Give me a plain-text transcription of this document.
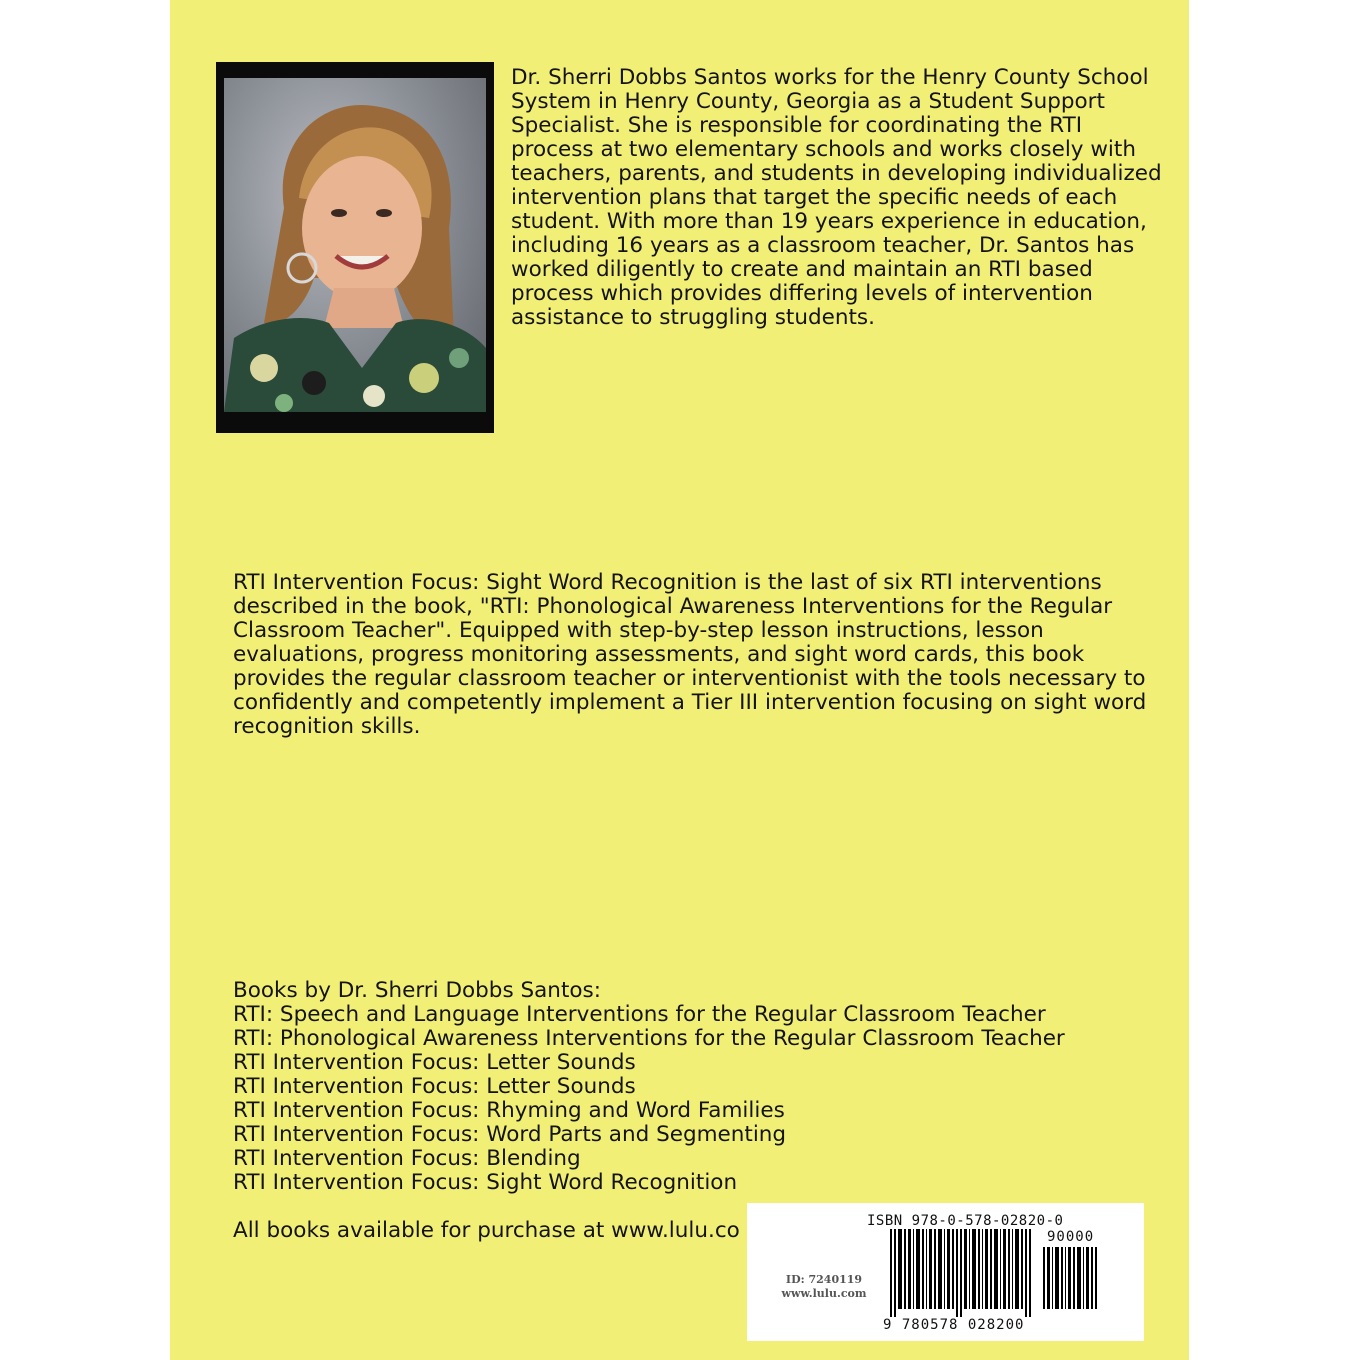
Dr. Sherri Dobbs Santos works for the Henry County School System in Henry County, Georgia as a Student Support Specialist. She is responsible for coordinating the RTI process at two elementary schools and works closely with teachers, parents, and students in developing individualized intervention plans that target the specific needs of each student. With more than 19 years experience in education, including 16 years as a classroom teacher, Dr. Santos has worked diligently to create and maintain an RTI based process which provides differing levels of intervention assistance to struggling students.

RTI Intervention Focus: Sight Word Recognition is the last of six RTI interventions described in the book, "RTI: Phonological Awareness Interventions for the Regular Classroom Teacher". Equipped with step-by-step lesson instructions, lesson evaluations, progress monitoring assessments, and sight word cards, this book provides the regular classroom teacher or interventionist with the tools necessary to confidently and competently implement a Tier III intervention focusing on sight word recognition skills.

Books by Dr. Sherri Dobbs Santos:
RTI: Speech and Language Interventions for the Regular Classroom Teacher
RTI: Phonological Awareness Interventions for the Regular Classroom Teacher
RTI Intervention Focus: Letter Sounds
RTI Intervention Focus: Letter Sounds
RTI Intervention Focus: Rhyming and Word Families
RTI Intervention Focus: Word Parts and Segmenting
RTI Intervention Focus: Blending
RTI Intervention Focus: Sight Word Recognition
All books available for purchase at www.lulu.co	ISBN 978-0-578-02820-0
90000
9 780578 028200
ID: 7240119
www.lulu.com
